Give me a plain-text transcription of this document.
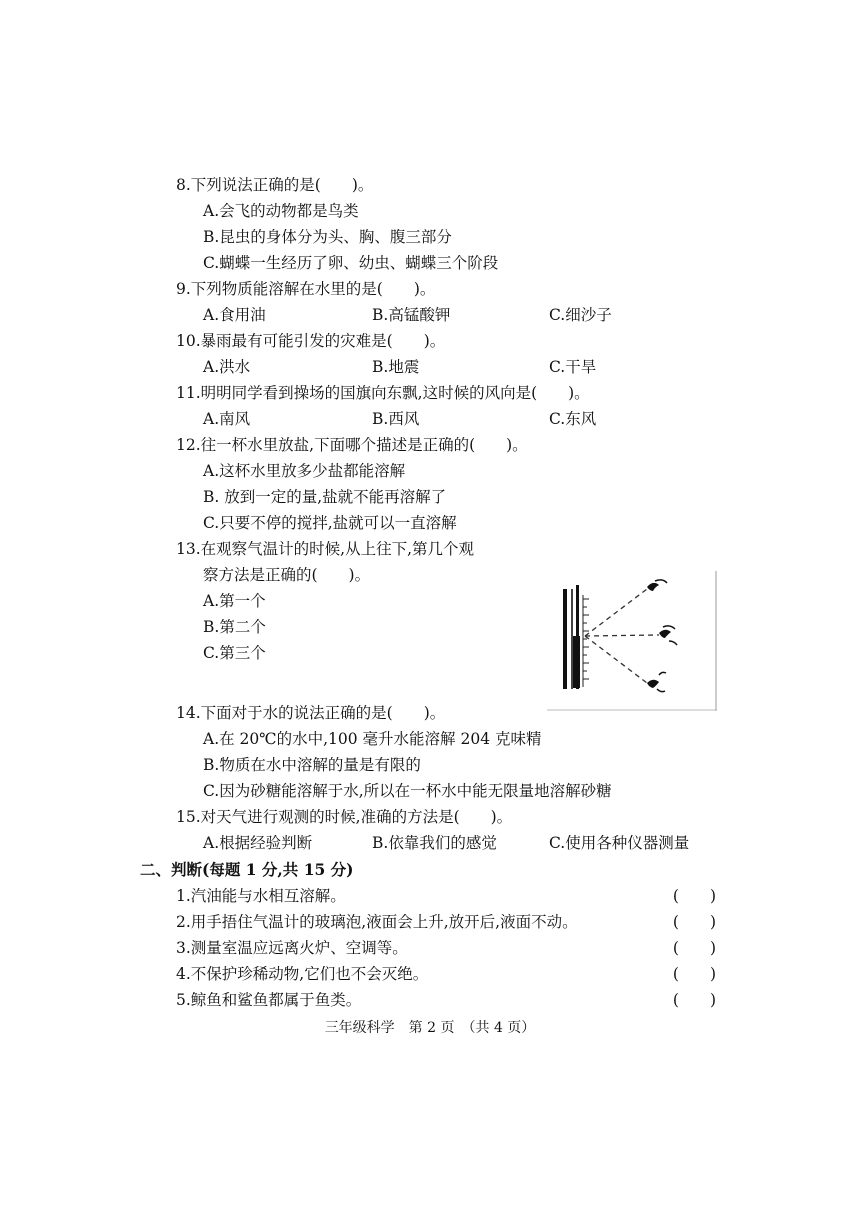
8.下列说法正确的是(　　)。
A.会飞的动物都是鸟类
B.昆虫的身体分为头、胸、腹三部分
C.蝴蝶一生经历了卵、幼虫、蝴蝶三个阶段
9.下列物质能溶解在水里的是(　　)。
A.食用油	B.高锰酸钾	C.细沙子
10.暴雨最有可能引发的灾难是(　　)。
A.洪水	B.地震	C.干旱
11.明明同学看到操场的国旗向东飘,这时候的风向是(　　)。
A.南风	B.西风	C.东风
12.往一杯水里放盐,下面哪个描述是正确的(　　)。
A.这杯水里放多少盐都能溶解
B. 放到一定的量,盐就不能再溶解了
C.只要不停的搅拌,盐就可以一直溶解
13.在观察气温计的时候,从上往下,第几个观
察方法是正确的(　　)。
A.第一个
B.第二个
C.第三个
14.下面对于水的说法正确的是(　　)。
A.在 20℃的水中,100 毫升水能溶解 204 克味精
B.物质在水中溶解的量是有限的
C.因为砂糖能溶解于水,所以在一杯水中能无限量地溶解砂糖
15.对天气进行观测的时候,准确的方法是(　　)。
A.根据经验判断	B.依靠我们的感觉	C.使用各种仪器测量
二、判断(每题 1 分,共 15 分)
1.汽油能与水相互溶解。	(　　)
2.用手捂住气温计的玻璃泡,液面会上升,放开后,液面不动。	(　　)
3.测量室温应远离火炉、空调等。	(　　)
4.不保护珍稀动物,它们也不会灭绝。	(　　)
5.鲸鱼和鲨鱼都属于鱼类。	(　　)
三年级科学　第 2 页　（共 4 页）
